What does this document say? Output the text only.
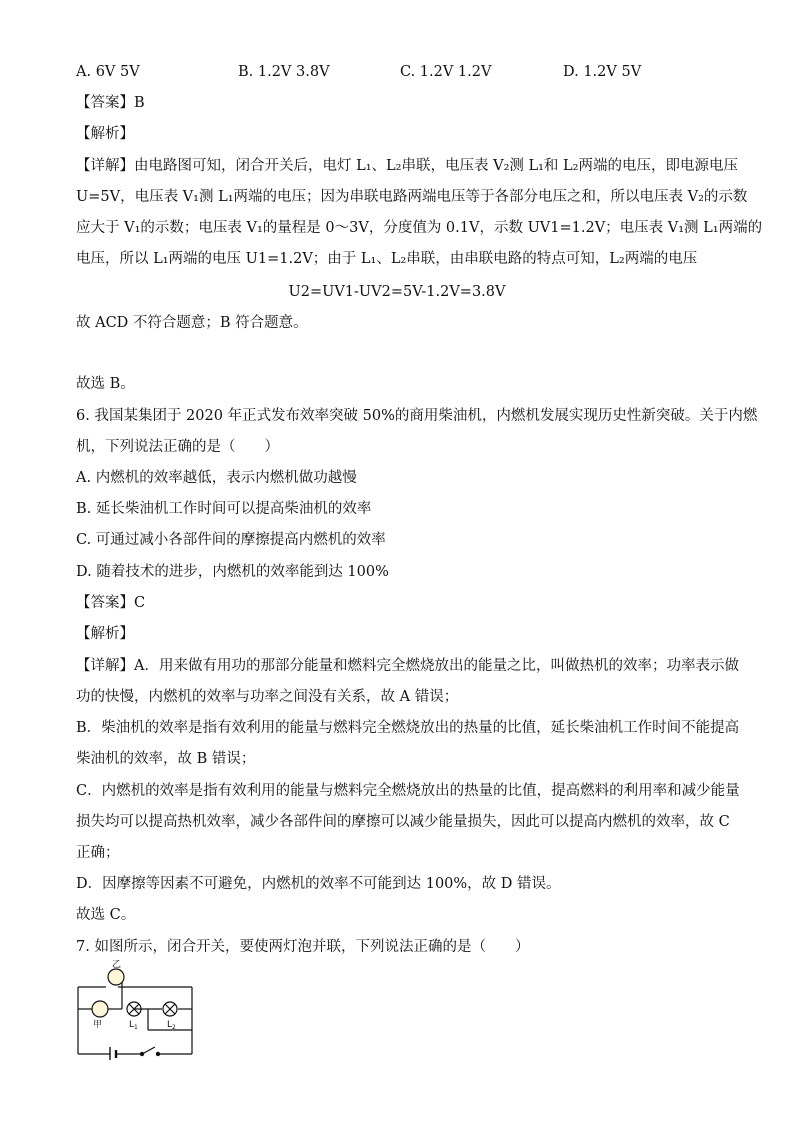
A. 6V 5V	B. 1.2V 3.8V	C. 1.2V 1.2V	D. 1.2V 5V
【答案】B
【解析】
【详解】由电路图可知，闭合开关后，电灯 L₁、L₂串联，电压表 V₂测 L₁和 L₂两端的电压，即电源电压
U=5V，电压表 V₁测 L₁两端的电压；因为串联电路两端电压等于各部分电压之和，所以电压表 V₂的示数
应大于 V₁的示数；电压表 V₁的量程是 0～3V，分度值为 0.1V，示数 UV1=1.2V；电压表 V₁测 L₁两端的
电压，所以 L₁两端的电压 U1=1.2V；由于 L₁、L₂串联，由串联电路的特点可知，L₂两端的电压
U2=UV1-UV2=5V-1.2V=3.8V
故 ACD 不符合题意；B 符合题意。
故选 B。
6. 我国某集团于 2020 年正式发布效率突破 50%的商用柴油机，内燃机发展实现历史性新突破。关于内燃
机，下列说法正确的是（　　）
A. 内燃机的效率越低，表示内燃机做功越慢
B. 延长柴油机工作时间可以提高柴油机的效率
C. 可通过减小各部件间的摩擦提高内燃机的效率
D. 随着技术的进步，内燃机的效率能到达 100%
【答案】C
【解析】
【详解】A．用来做有用功的那部分能量和燃料完全燃烧放出的能量之比，叫做热机的效率；功率表示做
功的快慢，内燃机的效率与功率之间没有关系，故 A 错误；
B．柴油机的效率是指有效利用的能量与燃料完全燃烧放出的热量的比值，延长柴油机工作时间不能提高
柴油机的效率，故 B 错误；
C．内燃机的效率是指有效利用的能量与燃料完全燃烧放出的热量的比值，提高燃料的利用率和减少能量
损失均可以提高热机效率，减少各部件间的摩擦可以减少能量损失，因此可以提高内燃机的效率，故 C
正确；
D．因摩擦等因素不可避免，内燃机的效率不可能到达 100%，故 D 错误。
故选 C。
7. 如图所示，闭合开关，要使两灯泡并联，下列说法正确的是（　　）
乙
甲	$L_1$	$L_2$
